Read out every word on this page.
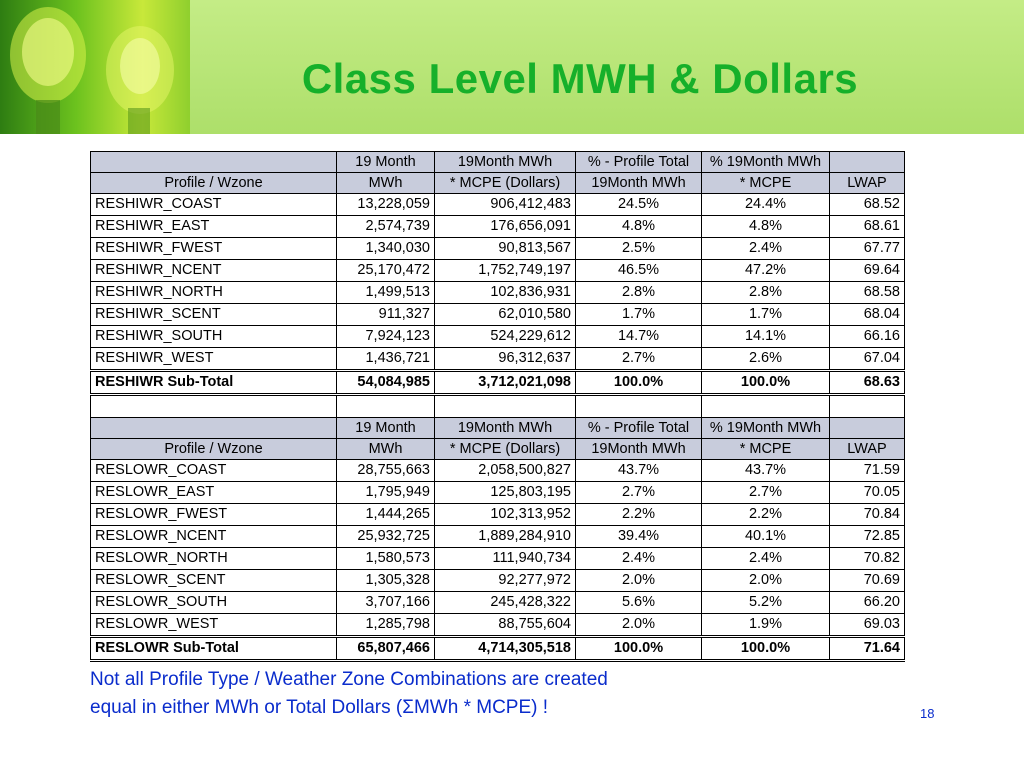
Class Level MWH & Dollars
	19 Month	19Month MWh	% - Profile Total	% 19Month MWh	
Profile / Wzone	MWh	* MCPE (Dollars)	19Month MWh	* MCPE	LWAP
RESHIWR_COAST	13,228,059	906,412,483	24.5%	24.4%	68.52
RESHIWR_EAST	2,574,739	176,656,091	4.8%	4.8%	68.61
RESHIWR_FWEST	1,340,030	90,813,567	2.5%	2.4%	67.77
RESHIWR_NCENT	25,170,472	1,752,749,197	46.5%	47.2%	69.64
RESHIWR_NORTH	1,499,513	102,836,931	2.8%	2.8%	68.58
RESHIWR_SCENT	911,327	62,010,580	1.7%	1.7%	68.04
RESHIWR_SOUTH	7,924,123	524,229,612	14.7%	14.1%	66.16
RESHIWR_WEST	1,436,721	96,312,637	2.7%	2.6%	67.04
RESHIWR Sub-Total	54,084,985	3,712,021,098	100.0%	100.0%	68.63

	19 Month	19Month MWh	% - Profile Total	% 19Month MWh	
Profile / Wzone	MWh	* MCPE (Dollars)	19Month MWh	* MCPE	LWAP
RESLOWR_COAST	28,755,663	2,058,500,827	43.7%	43.7%	71.59
RESLOWR_EAST	1,795,949	125,803,195	2.7%	2.7%	70.05
RESLOWR_FWEST	1,444,265	102,313,952	2.2%	2.2%	70.84
RESLOWR_NCENT	25,932,725	1,889,284,910	39.4%	40.1%	72.85
RESLOWR_NORTH	1,580,573	111,940,734	2.4%	2.4%	70.82
RESLOWR_SCENT	1,305,328	92,277,972	2.0%	2.0%	70.69
RESLOWR_SOUTH	3,707,166	245,428,322	5.6%	5.2%	66.20
RESLOWR_WEST	1,285,798	88,755,604	2.0%	1.9%	69.03
RESLOWR Sub-Total	65,807,466	4,714,305,518	100.0%	100.0%	71.64

Not all Profile Type / Weather Zone Combinations are created
equal in either MWh or Total Dollars (ΣMWh * MCPE) !	18
